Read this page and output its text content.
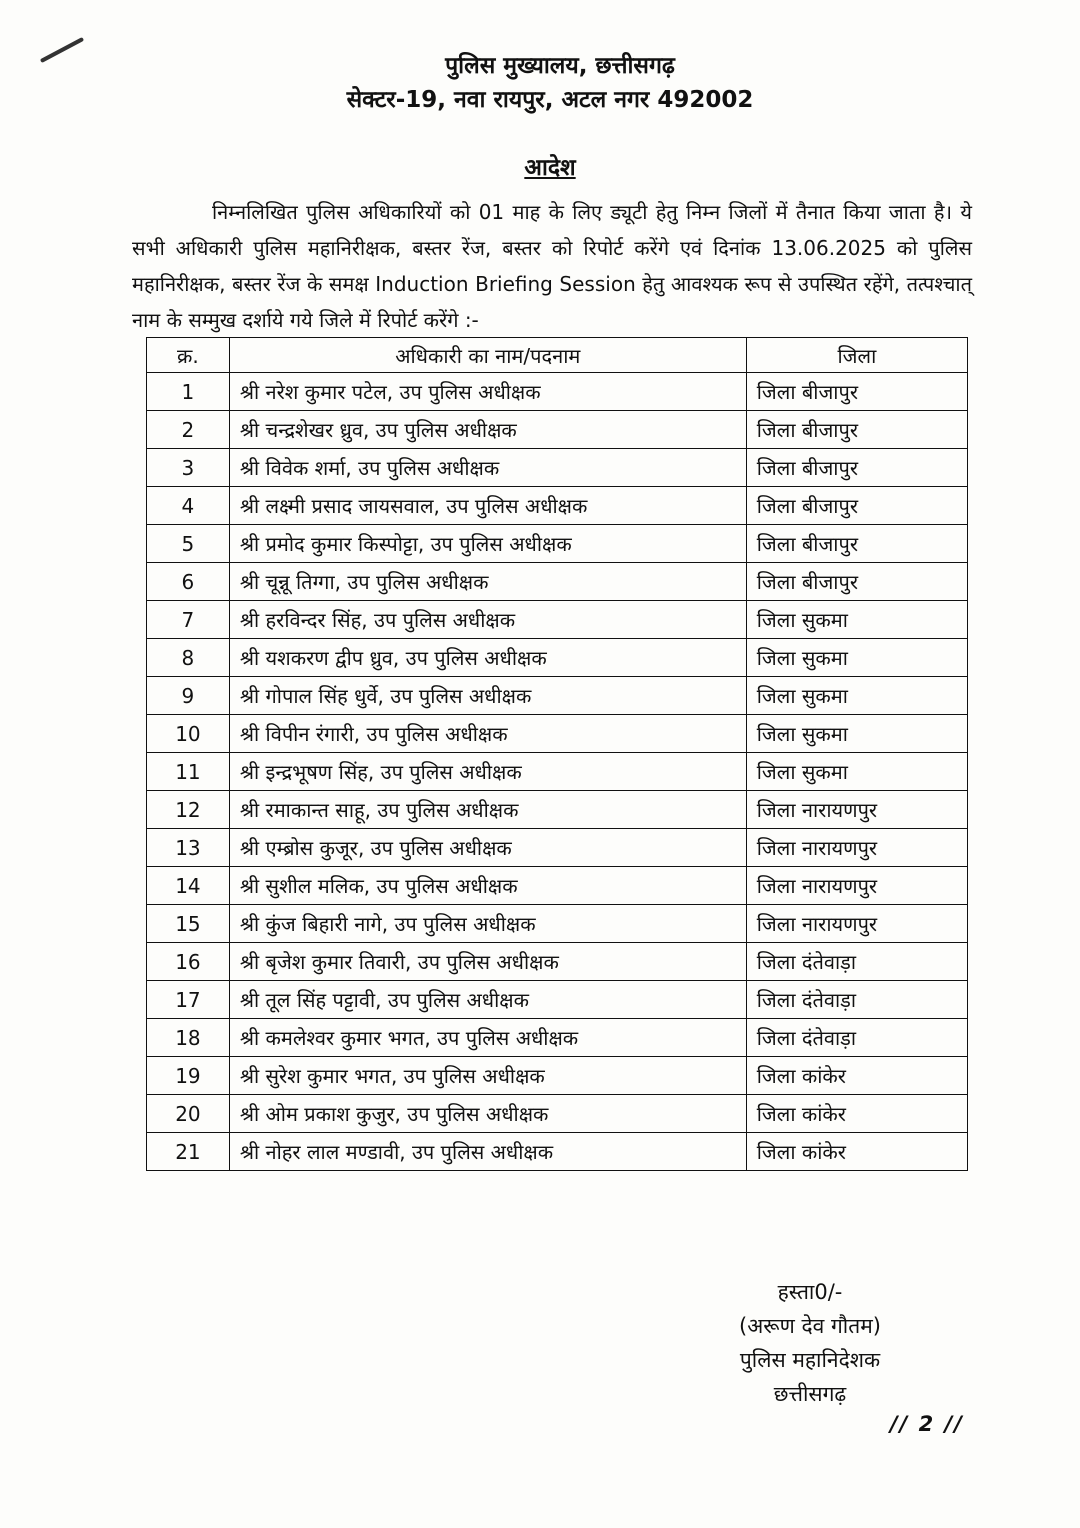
पुलिस मुख्यालय, छत्तीसगढ़
सेक्टर-19, नवा रायपुर, अटल नगर 492002
आदेश
निम्नलिखित पुलिस अधिकारियों को 01 माह के लिए ड्यूटी हेतु निम्न जिलों में तैनात किया जाता है। ये सभी अधिकारी पुलिस महानिरीक्षक, बस्तर रेंज, बस्तर को रिपोर्ट करेंगे एवं दिनांक 13.06.2025 को पुलिस महानिरीक्षक, बस्तर रेंज के समक्ष Induction Briefing Session हेतु आवश्यक रूप से उपस्थित रहेंगे, तत्पश्चात् नाम के सम्मुख दर्शाये गये जिले में रिपोर्ट करेंगे :-
क्र.	अधिकारी का नाम/पदनाम	जिला
1	श्री नरेश कुमार पटेल, उप पुलिस अधीक्षक	जिला बीजापुर
2	श्री चन्द्रशेखर ध्रुव, उप पुलिस अधीक्षक	जिला बीजापुर
3	श्री विवेक शर्मा, उप पुलिस अधीक्षक	जिला बीजापुर
4	श्री लक्ष्मी प्रसाद जायसवाल, उप पुलिस अधीक्षक	जिला बीजापुर
5	श्री प्रमोद कुमार किस्पोट्टा, उप पुलिस अधीक्षक	जिला बीजापुर
6	श्री चून्नू तिग्गा, उप पुलिस अधीक्षक	जिला बीजापुर
7	श्री हरविन्दर सिंह, उप पुलिस अधीक्षक	जिला सुकमा
8	श्री यशकरण द्वीप ध्रुव, उप पुलिस अधीक्षक	जिला सुकमा
9	श्री गोपाल सिंह धुर्वे, उप पुलिस अधीक्षक	जिला सुकमा
10	श्री विपीन रंगारी, उप पुलिस अधीक्षक	जिला सुकमा
11	श्री इन्द्रभूषण सिंह, उप पुलिस अधीक्षक	जिला सुकमा
12	श्री रमाकान्त साहू, उप पुलिस अधीक्षक	जिला नारायणपुर
13	श्री एम्ब्रोस कुजूर, उप पुलिस अधीक्षक	जिला नारायणपुर
14	श्री सुशील मलिक, उप पुलिस अधीक्षक	जिला नारायणपुर
15	श्री कुंज बिहारी नागे, उप पुलिस अधीक्षक	जिला नारायणपुर
16	श्री बृजेश कुमार तिवारी, उप पुलिस अधीक्षक	जिला दंतेवाड़ा
17	श्री तूल सिंह पट्टावी, उप पुलिस अधीक्षक	जिला दंतेवाड़ा
18	श्री कमलेश्वर कुमार भगत, उप पुलिस अधीक्षक	जिला दंतेवाड़ा
19	श्री सुरेश कुमार भगत, उप पुलिस अधीक्षक	जिला कांकेर
20	श्री ओम प्रकाश कुजुर, उप पुलिस अधीक्षक	जिला कांकेर
21	श्री नोहर लाल मण्डावी, उप पुलिस अधीक्षक	जिला कांकेर
हस्ता0/-
(अरूण देव गौतम)
पुलिस महानिदेशक
छत्तीसगढ़
// 2 //
